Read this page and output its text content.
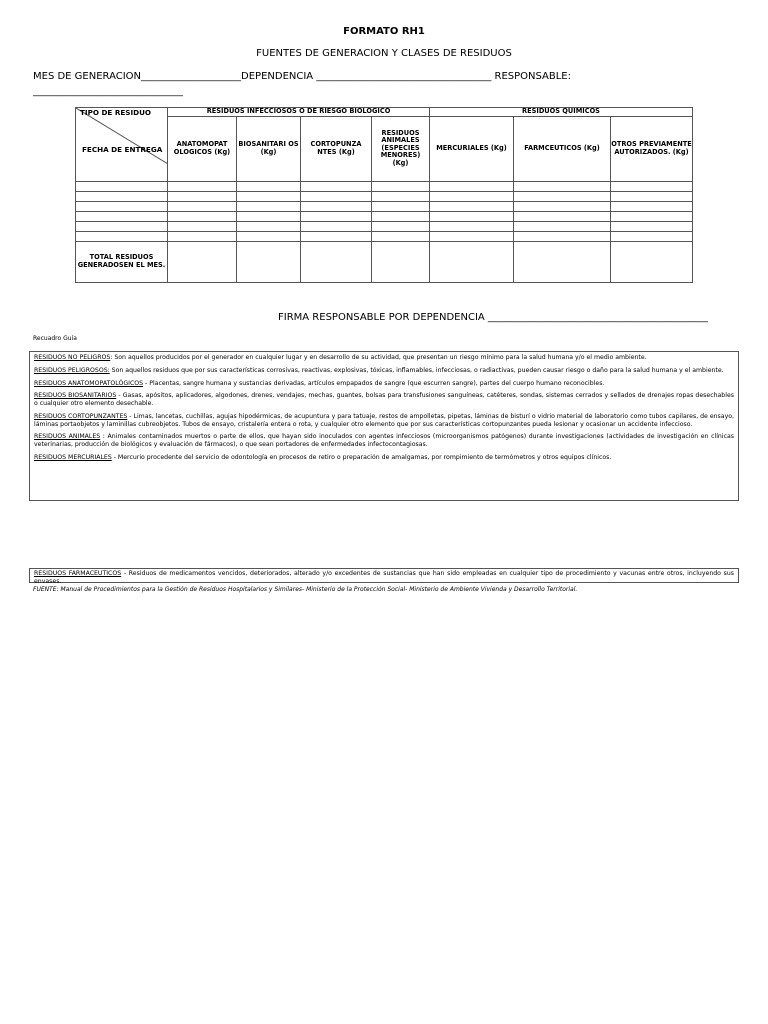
FORMATO RH1
FUENTES DE GENERACION Y CLASES DE RESIDUOS
MES DE GENERACION____________________DEPENDENCIA ___________________________________ RESPONSABLE:
______________________________
TIPO DE RESIDUO
FECHA DE ENTREGA	RESIDUOS INFECCIOSOS O DE RIESGO BIOLOGICO				RESIDUOS QUIMICOS		
	ANATOMOPAT OLOGICOS (Kg)	BIOSANITARI OS (Kg)	CORTOPUNZA NTES (Kg)	RESIDUOS ANIMALES (ESPECIES MENORES) (Kg)	MERCURIALES (Kg)	FARMCEUTICOS (Kg)	OTROS PREVIAMENTE AUTORIZADOS. (Kg)

TOTAL RESIDUOS GENERADOSEN EL MES.							
FIRMA RESPONSABLE POR DEPENDENCIA ____________________________________________
Recuadro Guía

RESIDUOS NO PELIGROS: Son aquellos producidos por el generador en cualquier lugar y en desarrollo de su actividad, que presentan un riesgo mínimo para la salud humana y/o el medio ambiente.

RESIDUOS PELIGROSOS: Son aquellos residuos que por sus características corrosivas, reactivas, explosivas, tóxicas, inflamables, infecciosas, o radiactivas, pueden causar riesgo o daño para la salud humana y el ambiente.

RESIDUOS ANATOMOPATOLÓGICOS - Placentas, sangre humana y sustancias derivadas, artículos empapados de sangre (que escurren sangre), partes del cuerpo humano reconocibles.

RESIDUOS BIOSANITARIOS - Gasas, apósitos, aplicadores, algodones, drenes, vendajes, mechas, guantes, bolsas para transfusiones sanguíneas, catéteres, sondas, sistemas cerrados y sellados de drenajes ropas desechables o cualquier otro elemento desechable.

RESIDUOS CORTOPUNZANTES - Limas, lancetas, cuchillas, agujas hipodérmicas, de acupuntura y para tatuaje, restos de ampolletas, pipetas, láminas de bisturí o vidrio material de laboratorio como tubos capilares, de ensayo, láminas portaobjetos y laminillas cubreobjetos. Tubos de ensayo, cristalería entera o rota, y cualquier otro elemento que por sus características cortopunzantes pueda lesionar y ocasionar un accidente infeccioso.

RESIDUOS ANIMALES : Animales contaminados muertos o parte de ellos, que hayan sido inoculados con agentes infecciosos (microorganismos patógenos) durante investigaciones (actividades de investigación en clínicas veterinarias, producción de biológicos y evaluación de fármacos), o que sean portadores de enfermedades infectocontagiosas.

RESIDUOS MERCURIALES - Mercurio procedente del servicio de odontología en procesos de retiro o preparación de amalgamas, por rompimiento de termómetros y otros equipos clínicos.

RESIDUOS FARMACEUTICOS - Residuos de medicamentos vencidos, deteriorados, alterado y/o excedentes de sustancias que han sido empleadas en cualquier tipo de procedimiento y vacunas entre otros, incluyendo sus envases.

FUENTE: Manual de Procedimientos para la Gestión de Residuos Hospitalarios y Similares- Ministerio de la Protección Social- Ministerio de Ambiente Vivienda y Desarrollo Territorial.
